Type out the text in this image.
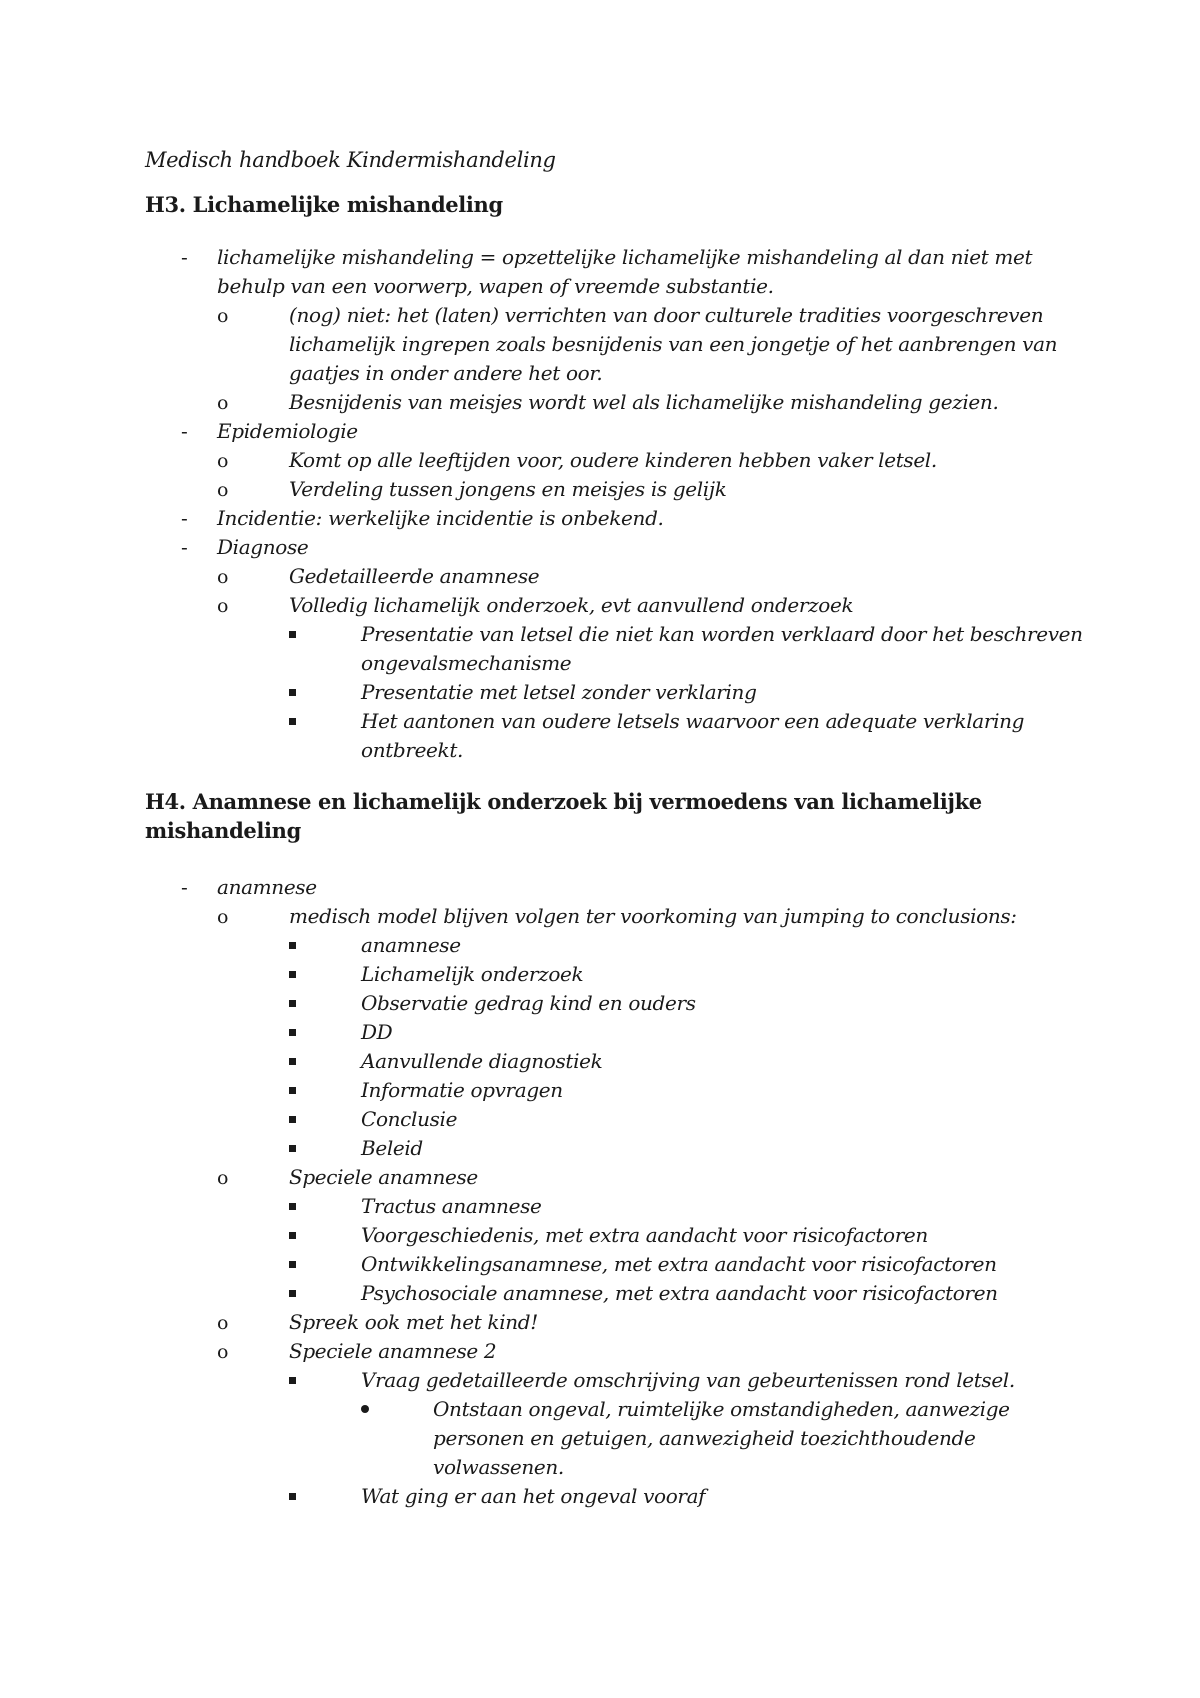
Medisch handboek Kindermishandeling
H3. Lichamelijke mishandeling
-
lichamelijke mishandeling = opzettelijke lichamelijke mishandeling al dan niet met behulp van een voorwerp, wapen of vreemde substantie.
o
(nog) niet: het (laten) verrichten van door culturele tradities voorgeschreven lichamelijk ingrepen zoals besnijdenis van een jongetje of het aanbrengen van gaatjes in onder andere het oor.
o
Besnijdenis van meisjes wordt wel als lichamelijke mishandeling gezien.
-
Epidemiologie
o
Komt op alle leeftijden voor, oudere kinderen hebben vaker letsel.
o
Verdeling tussen jongens en meisjes is gelijk
-
Incidentie: werkelijke incidentie is onbekend.
-
Diagnose
o
Gedetailleerde anamnese
o
Volledig lichamelijk onderzoek, evt aanvullend onderzoek
Presentatie van letsel die niet kan worden verklaard door het beschreven ongevalsmechanisme
Presentatie met letsel zonder verklaring
Het aantonen van oudere letsels waarvoor een adequate verklaring ontbreekt.
H4. Anamnese en lichamelijk onderzoek bij vermoedens van lichamelijke mishandeling
-
anamnese
o
medisch model blijven volgen ter voorkoming van jumping to conclusions:
anamnese
Lichamelijk onderzoek
Observatie gedrag kind en ouders
DD
Aanvullende diagnostiek
Informatie opvragen
Conclusie
Beleid
o
Speciele anamnese
Tractus anamnese
Voorgeschiedenis, met extra aandacht voor risicofactoren
Ontwikkelingsanamnese, met extra aandacht voor risicofactoren
Psychosociale anamnese, met extra aandacht voor risicofactoren
o
Spreek ook met het kind!
o
Speciele anamnese 2
Vraag gedetailleerde omschrijving van gebeurtenissen rond letsel.
Ontstaan ongeval, ruimtelijke omstandigheden, aanwezige personen en getuigen, aanwezigheid toezichthoudende volwassenen.
Wat ging er aan het ongeval vooraf
